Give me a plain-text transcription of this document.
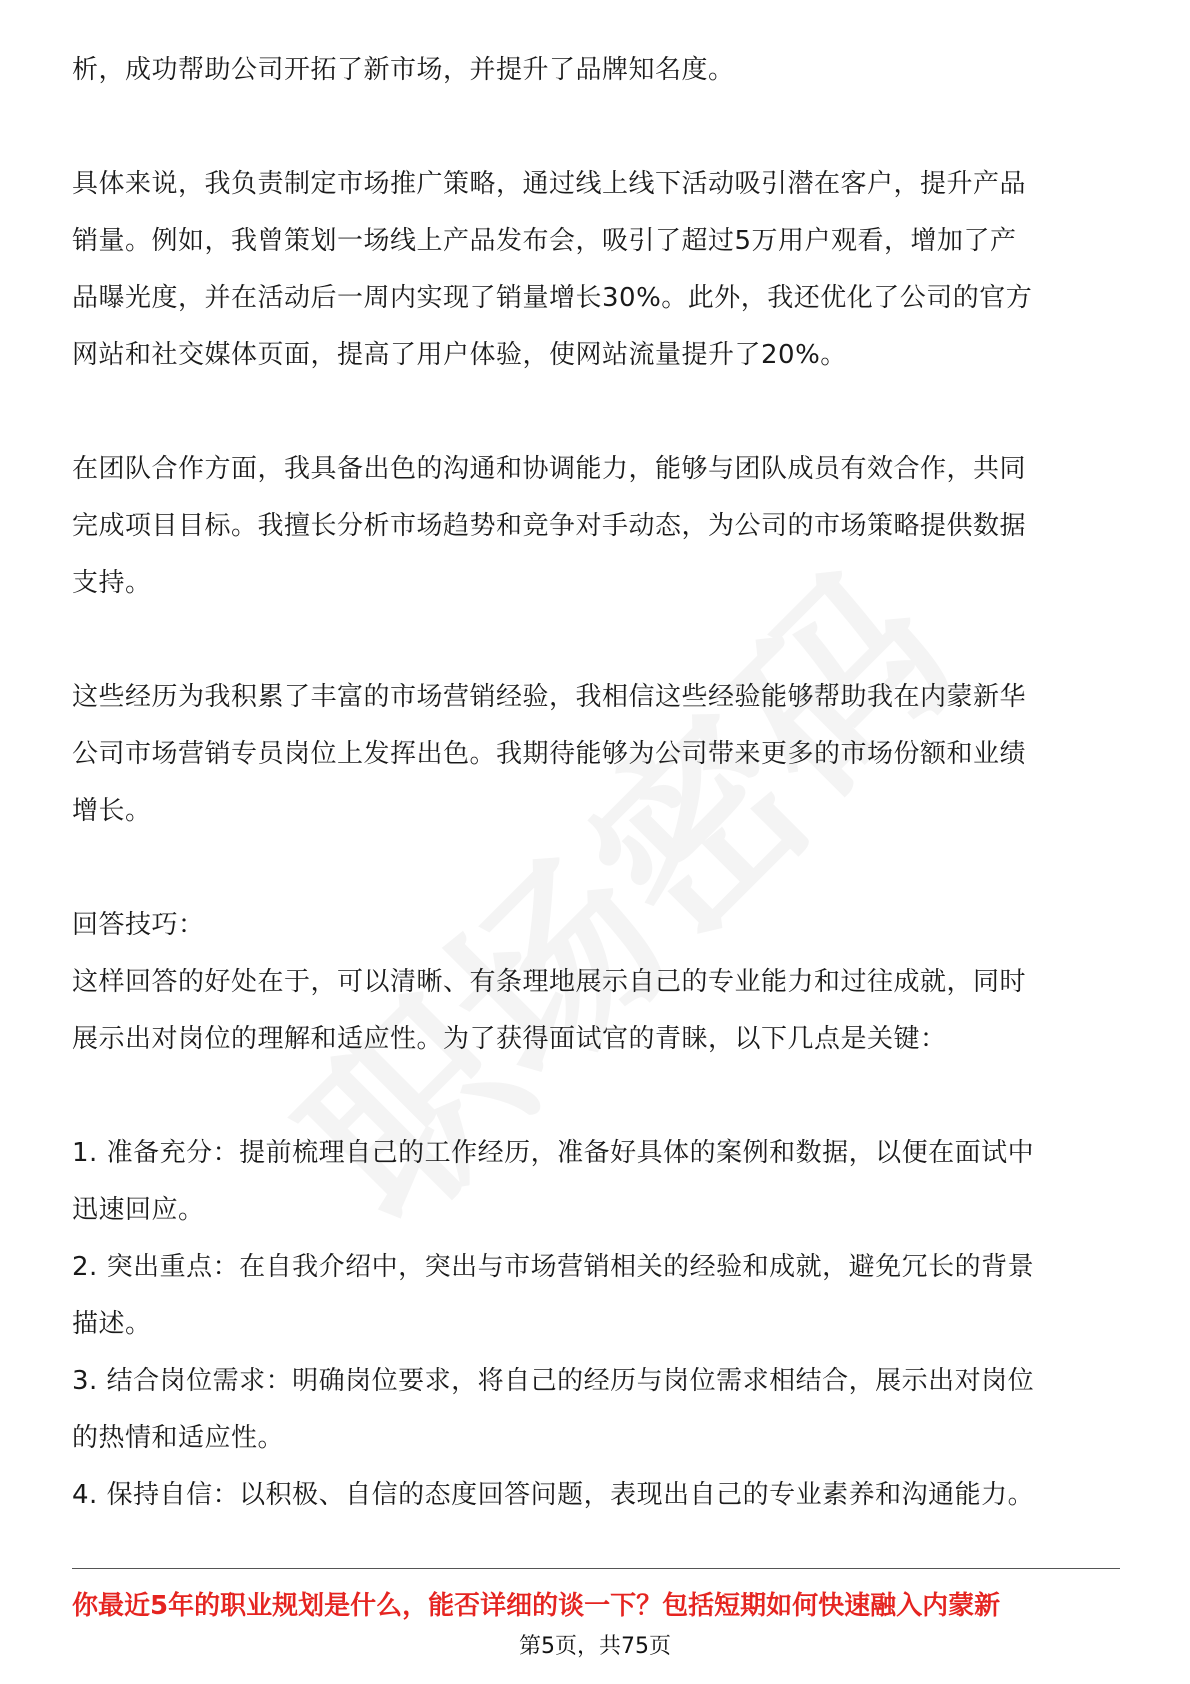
析，成功帮助公司开拓了新市场，并提升了品牌知名度。

具体来说，我负责制定市场推广策略，通过线上线下活动吸引潜在客户，提升产品

销量。例如，我曾策划一场线上产品发布会，吸引了超过5万用户观看，增加了产

品曝光度，并在活动后一周内实现了销量增长30%。此外，我还优化了公司的官方

网站和社交媒体页面，提高了用户体验，使网站流量提升了20%。

在团队合作方面，我具备出色的沟通和协调能力，能够与团队成员有效合作，共同

完成项目目标。我擅长分析市场趋势和竞争对手动态，为公司的市场策略提供数据

支持。

这些经历为我积累了丰富的市场营销经验，我相信这些经验能够帮助我在内蒙新华

公司市场营销专员岗位上发挥出色。我期待能够为公司带来更多的市场份额和业绩

增长。

回答技巧：

这样回答的好处在于，可以清晰、有条理地展示自己的专业能力和过往成就，同时

展示出对岗位的理解和适应性。为了获得面试官的青睐，以下几点是关键：

1. 准备充分：提前梳理自己的工作经历，准备好具体的案例和数据，以便在面试中

迅速回应。

2. 突出重点：在自我介绍中，突出与市场营销相关的经验和成就，避免冗长的背景

描述。

3. 结合岗位需求：明确岗位要求，将自己的经历与岗位需求相结合，展示出对岗位

的热情和适应性。

4. 保持自信：以积极、自信的态度回答问题，表现出自己的专业素养和沟通能力。

你最近5年的职业规划是什么，能否详细的谈一下？包括短期如何快速融入内蒙新
第5页，共75页
